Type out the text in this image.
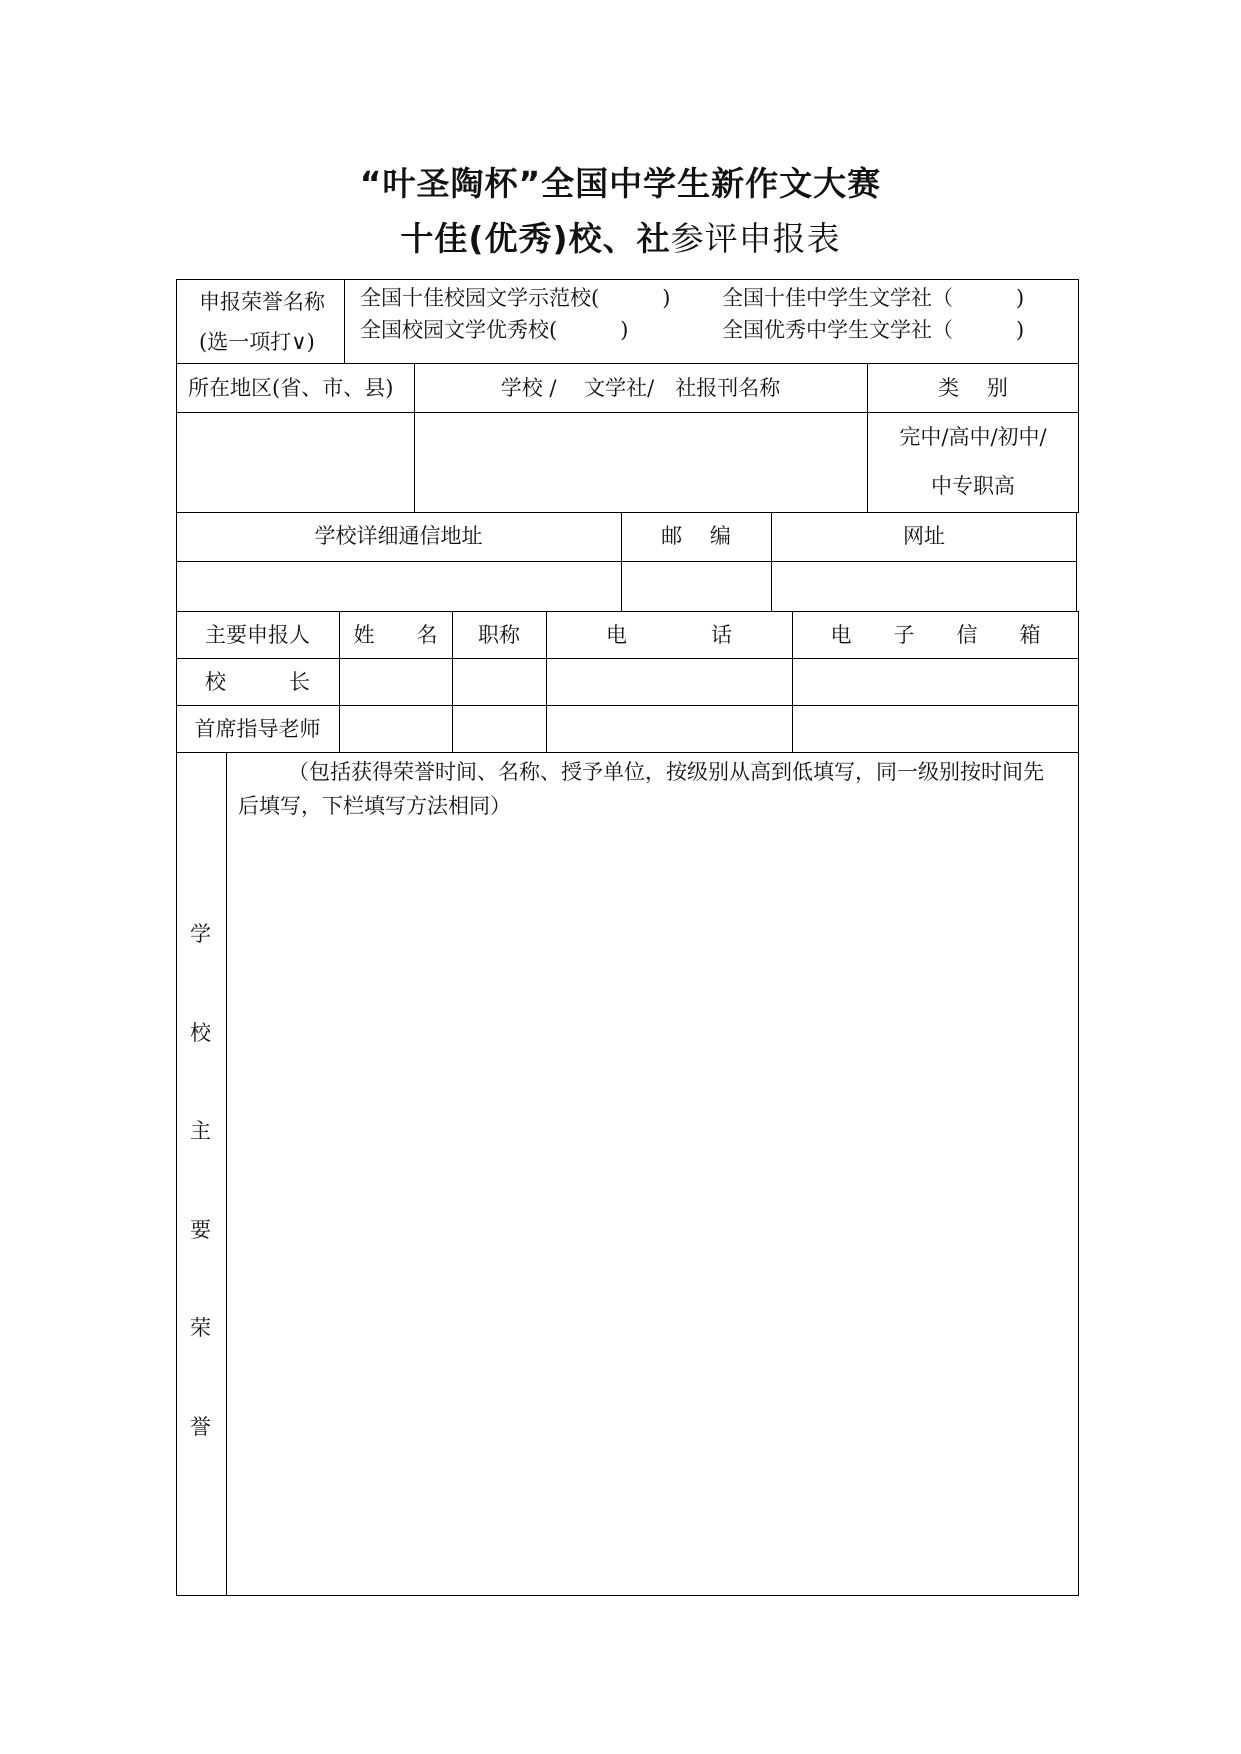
“叶圣陶杯”全国中学生新作文大赛
十佳(优秀)校、社参评申报表
申报荣誉名称
(选一项打∨)
全国十佳校园文学示范校(　　　) 全国十佳中学生文学社（　　　)
全国校园文学优秀校(　　　)	全国优秀中学生文学社（　　　)
所在地区(省、市、县)	学校 /　 文学社/　社报刊名称	类　 别
完中/高中/初中/
中专职高
学校详细通信地址	邮　 编	网址
主要申报人	姓　　名	职称	电　　　　话	电　　子　　信　　箱
校　　　长
首席指导老师
学
校
主
要
荣
誉
（包括获得荣誉时间、名称、授予单位，按级别从高到低填写，同一级别按时间先
后填写，下栏填写方法相同）
